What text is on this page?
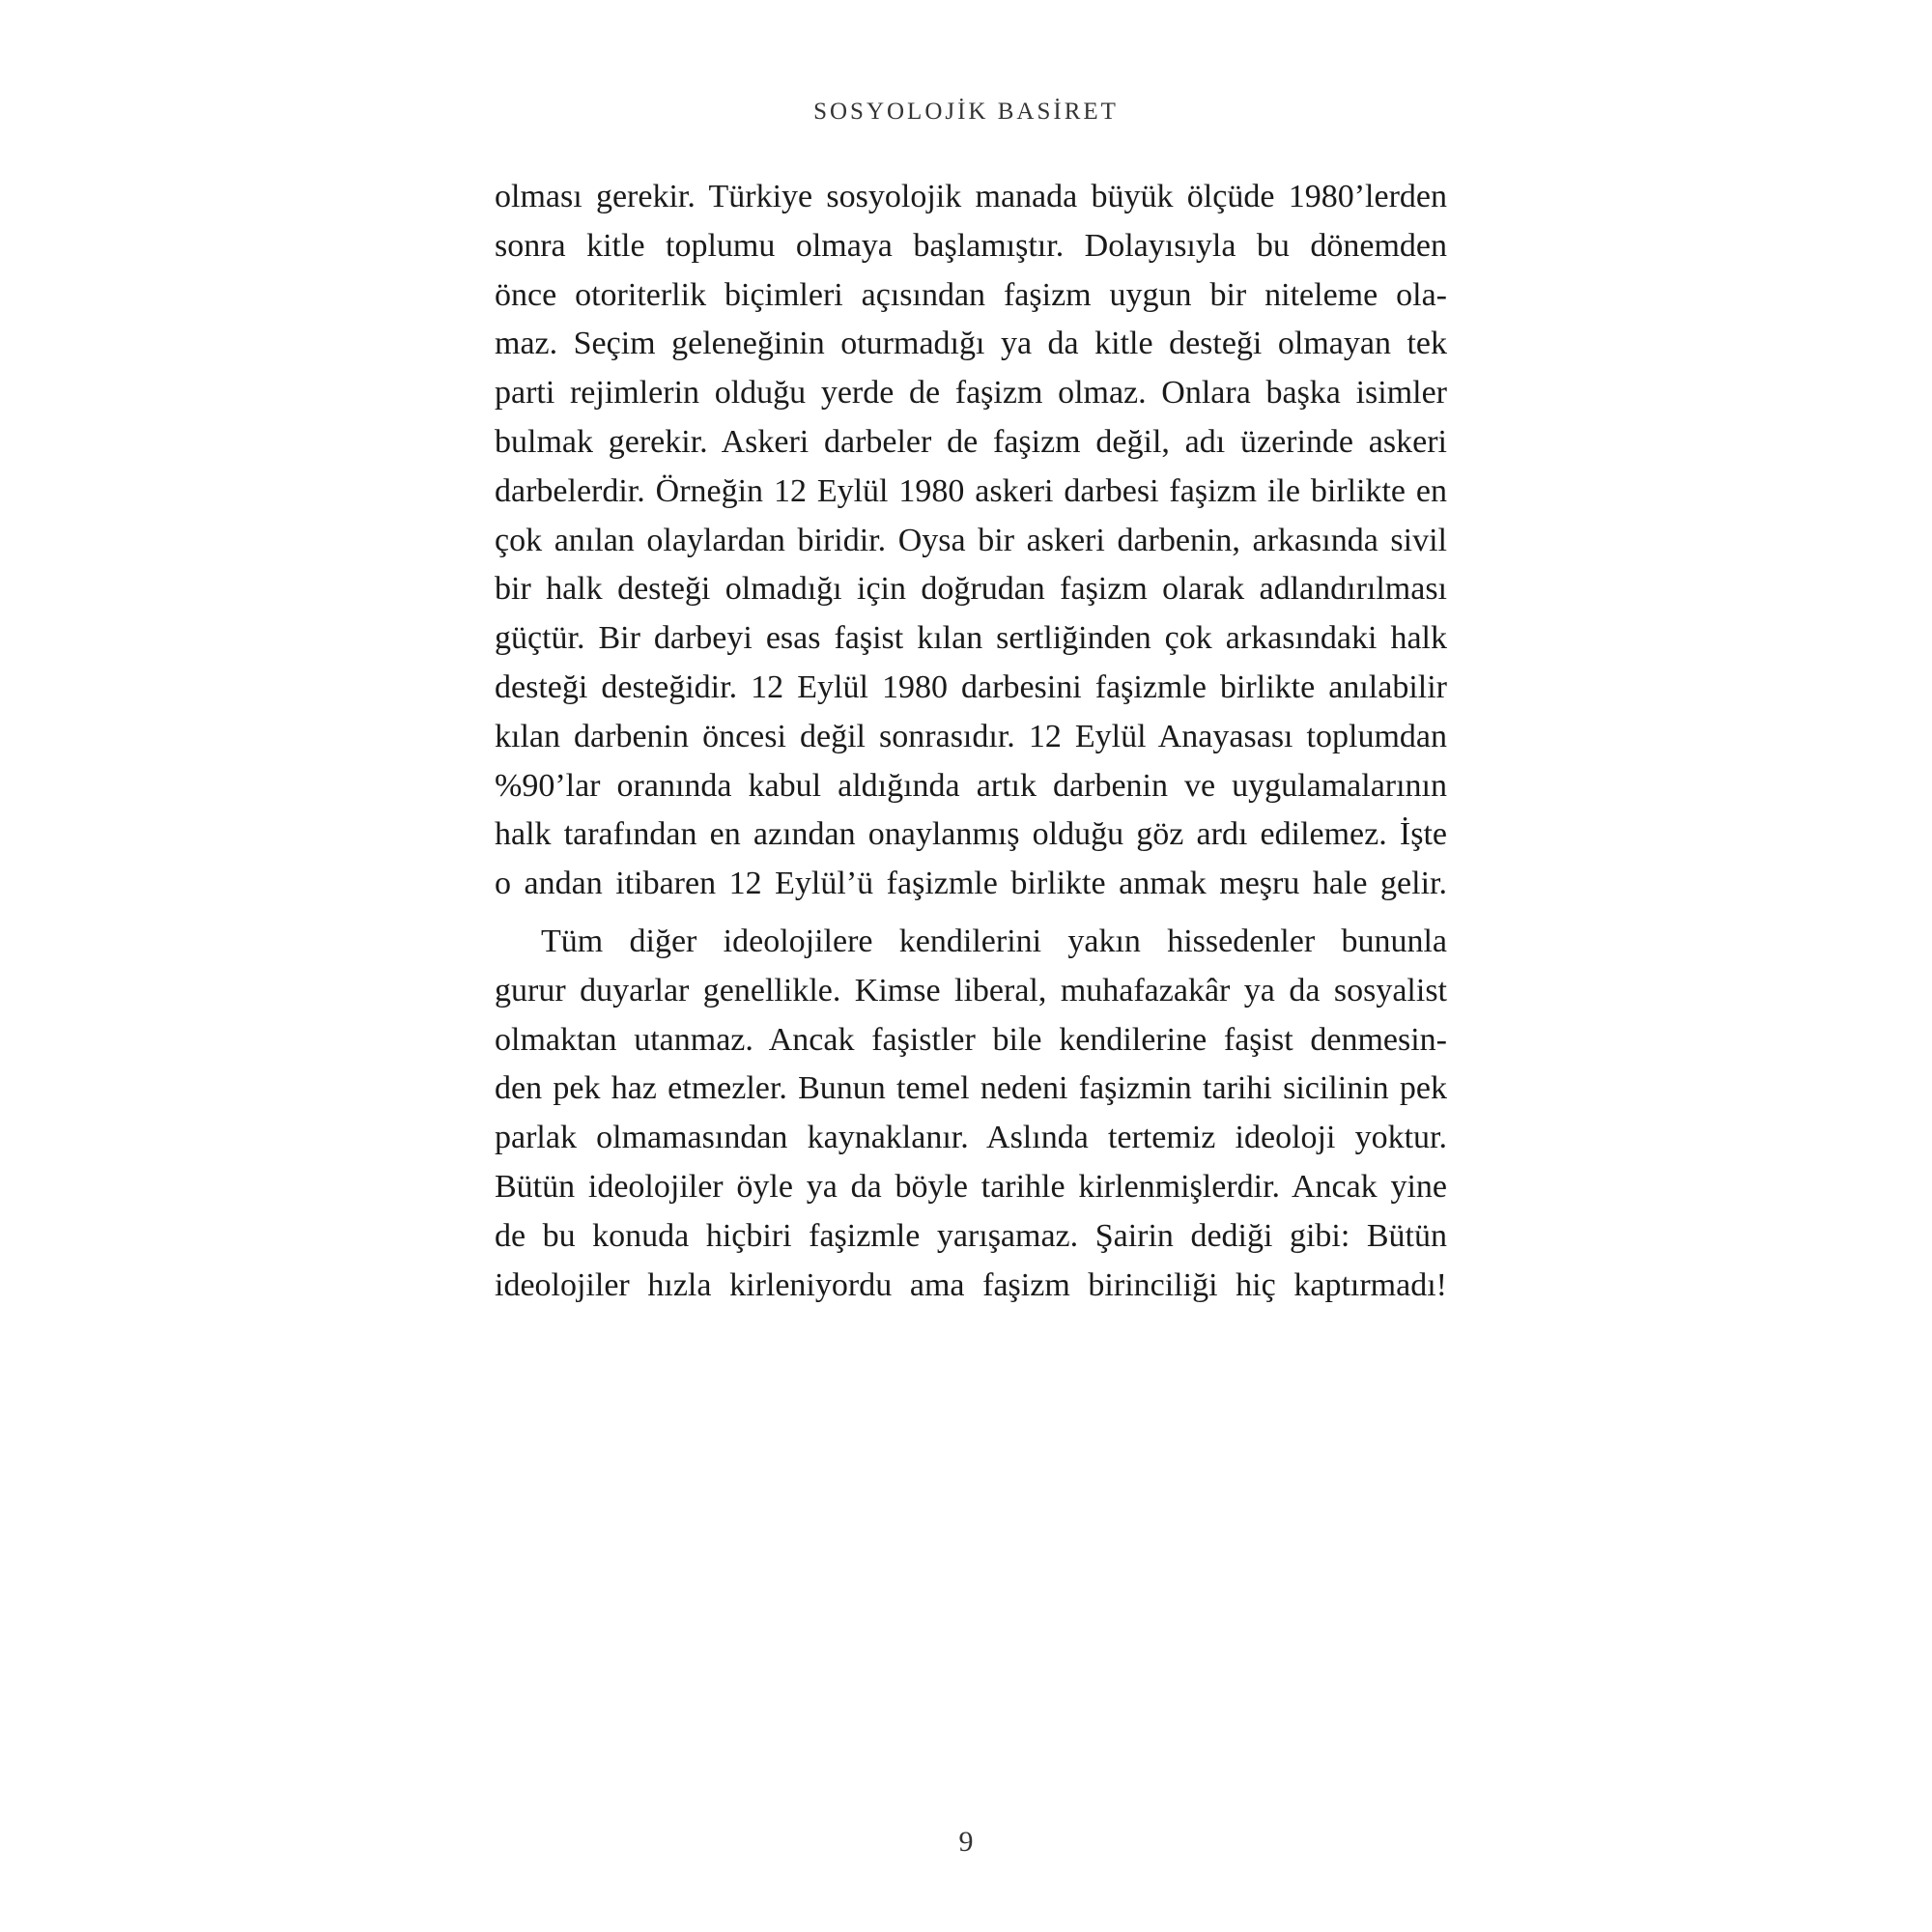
SOSYOLOJİK BASİRET
olması gerekir. Türkiye sosyolojik manada büyük ölçüde 1980’lerden
sonra kitle toplumu olmaya başlamıştır. Dolayısıyla bu dönemden
önce otoriterlik biçimleri açısından faşizm uygun bir niteleme ola-
maz. Seçim geleneğinin oturmadığı ya da kitle desteği olmayan tek
parti rejimlerin olduğu yerde de faşizm olmaz. Onlara başka isimler
bulmak gerekir. Askeri darbeler de faşizm değil, adı üzerinde askeri
darbelerdir. Örneğin 12 Eylül 1980 askeri darbesi faşizm ile birlikte en
çok anılan olaylardan biridir. Oysa bir askeri darbenin, arkasında sivil
bir halk desteği olmadığı için doğrudan faşizm olarak adlandırılması
güçtür. Bir darbeyi esas faşist kılan sertliğinden çok arkasındaki halk
desteği desteğidir. 12 Eylül 1980 darbesini faşizmle birlikte anılabilir
kılan darbenin öncesi değil sonrasıdır. 12 Eylül Anayasası toplumdan
%90’lar oranında kabul aldığında artık darbenin ve uygulamalarının
halk tarafından en azından onaylanmış olduğu göz ardı edilemez. İşte
o andan itibaren 12 Eylül’ü faşizmle birlikte anmak meşru hale gelir.
Tüm diğer ideolojilere kendilerini yakın hissedenler bununla
gurur duyarlar genellikle. Kimse liberal, muhafazakâr ya da sosyalist
olmaktan utanmaz. Ancak faşistler bile kendilerine faşist denmesin-
den pek haz etmezler. Bunun temel nedeni faşizmin tarihi sicilinin pek
parlak olmamasından kaynaklanır. Aslında tertemiz ideoloji yoktur.
Bütün ideolojiler öyle ya da böyle tarihle kirlenmişlerdir. Ancak yine
de bu konuda hiçbiri faşizmle yarışamaz. Şairin dediği gibi: Bütün
ideolojiler hızla kirleniyordu ama faşizm birinciliği hiç kaptırmadı!
9
